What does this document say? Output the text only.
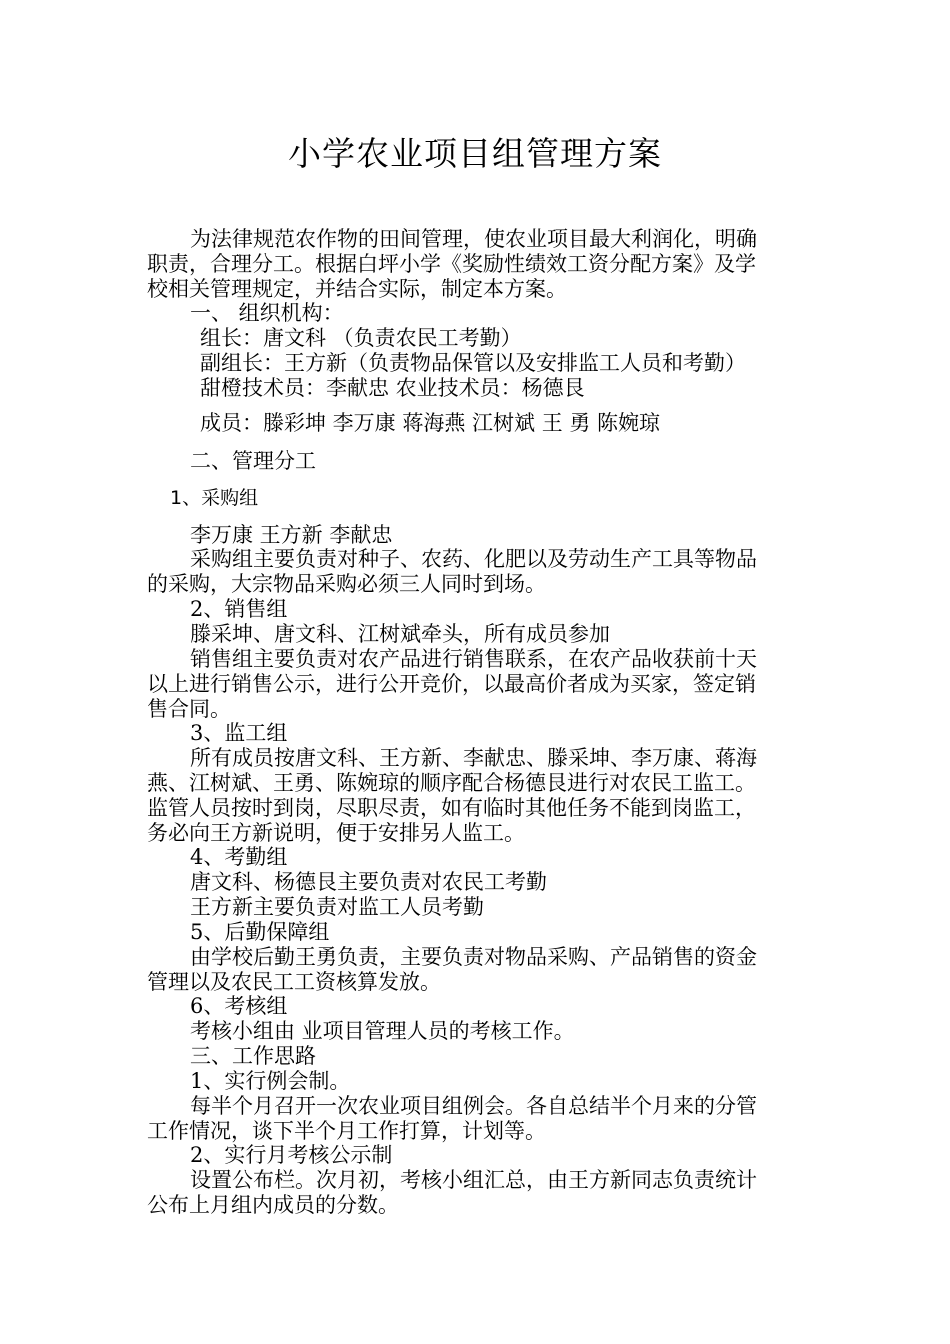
小学农业项目组管理方案
为法律规范农作物的田间管理，使农业项目最大利润化，明确
职责，合理分工。根据白坪小学《奖励性绩效工资分配方案》及学
校相关管理规定，并结合实际，制定本方案。
一、 组织机构：
组长：唐文科 （负责农民工考勤）
副组长：王方新（负责物品保管以及安排监工人员和考勤）
甜橙技术员：李献忠 农业技术员：杨德艮
成员：滕彩坤 李万康 蒋海燕 江树斌 王 勇 陈婉琼
二、管理分工
1、采购组
李万康 王方新 李献忠
采购组主要负责对种子、农药、化肥以及劳动生产工具等物品
的采购，大宗物品采购必须三人同时到场。
2、销售组
滕采坤、唐文科、江树斌牵头，所有成员参加
销售组主要负责对农产品进行销售联系，在农产品收获前十天
以上进行销售公示，进行公开竞价，以最高价者成为买家，签定销
售合同。
3、监工组
所有成员按唐文科、王方新、李献忠、滕采坤、李万康、蒋海
燕、江树斌、王勇、陈婉琼的顺序配合杨德艮进行对农民工监工。
监管人员按时到岗，尽职尽责，如有临时其他任务不能到岗监工，
务必向王方新说明，便于安排另人监工。
4、考勤组
唐文科、杨德艮主要负责对农民工考勤
王方新主要负责对监工人员考勤
5、后勤保障组
由学校后勤王勇负责，主要负责对物品采购、产品销售的资金
管理以及农民工工资核算发放。
6、考核组
考核小组由 业项目管理人员的考核工作。
三、工作思路
1、实行例会制。
每半个月召开一次农业项目组例会。各自总结半个月来的分管
工作情况，谈下半个月工作打算，计划等。
2、实行月考核公示制
设置公布栏。次月初，考核小组汇总，由王方新同志负责统计
公布上月组内成员的分数。
